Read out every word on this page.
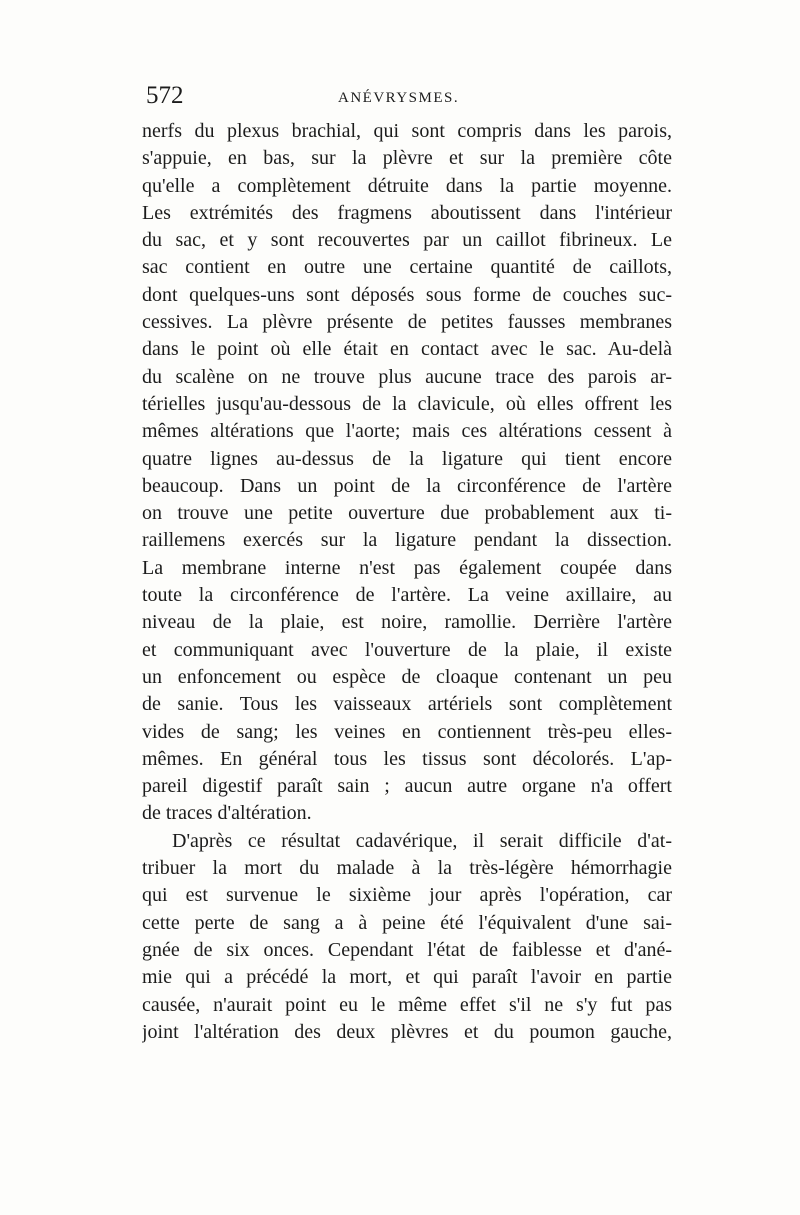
572	ANÉVRYSMES.
nerfs du plexus brachial, qui sont compris dans les parois,
s'appuie, en bas, sur la plèvre et sur la première côte
qu'elle a complètement détruite dans la partie moyenne.
Les extrémités des fragmens aboutissent dans l'intérieur
du sac, et y sont recouvertes par un caillot fibrineux. Le
sac contient en outre une certaine quantité de caillots,
dont quelques-uns sont déposés sous forme de couches suc-
cessives. La plèvre présente de petites fausses membranes
dans le point où elle était en contact avec le sac. Au-delà
du scalène on ne trouve plus aucune trace des parois ar-
térielles jusqu'au-dessous de la clavicule, où elles offrent les
mêmes altérations que l'aorte; mais ces altérations cessent à
quatre lignes au-dessus de la ligature qui tient encore
beaucoup. Dans un point de la circonférence de l'artère
on trouve une petite ouverture due probablement aux ti-
raillemens exercés sur la ligature pendant la dissection.
La membrane interne n'est pas également coupée dans
toute la circonférence de l'artère. La veine axillaire, au
niveau de la plaie, est noire, ramollie. Derrière l'artère
et communiquant avec l'ouverture de la plaie, il existe
un enfoncement ou espèce de cloaque contenant un peu
de sanie. Tous les vaisseaux artériels sont complètement
vides de sang; les veines en contiennent très-peu elles-
mêmes. En général tous les tissus sont décolorés. L'ap-
pareil digestif paraît sain ; aucun autre organe n'a offert
de traces d'altération.
D'après ce résultat cadavérique, il serait difficile d'at-
tribuer la mort du malade à la très-légère hémorrhagie
qui est survenue le sixième jour après l'opération, car
cette perte de sang a à peine été l'équivalent d'une sai-
gnée de six onces. Cependant l'état de faiblesse et d'ané-
mie qui a précédé la mort, et qui paraît l'avoir en partie
causée, n'aurait point eu le même effet s'il ne s'y fut pas
joint l'altération des deux plèvres et du poumon gauche,
